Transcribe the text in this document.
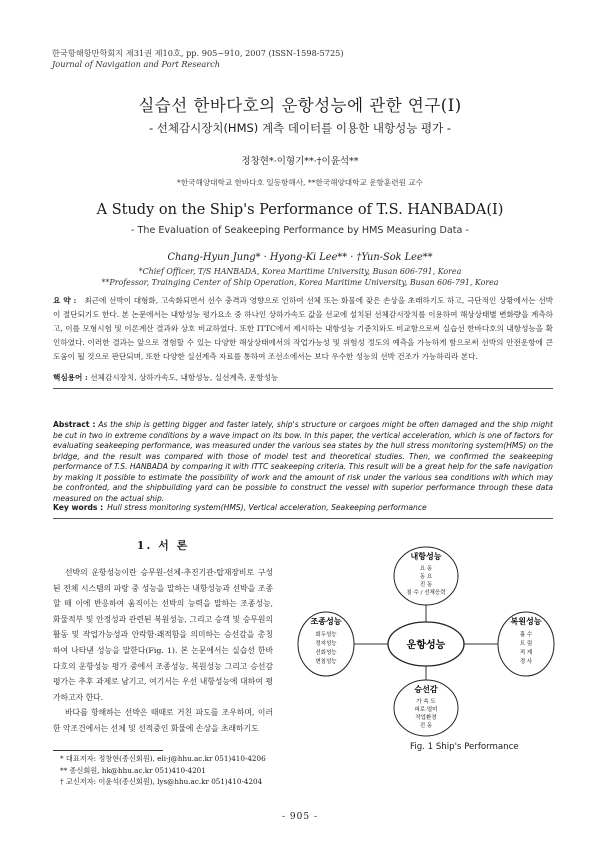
한국항해항만학회지 제31권 제10호, pp. 905~910, 2007 (ISSN-1598-5725)
Journal of Navigation and Port Research
실습선 한바다호의 운항성능에 관한 연구(Ⅰ)
- 선체감시장치(HMS) 계측 데이터를 이용한 내항성능 평가 -
정창현*·이형기**·†이윤석**
*한국해양대학교 한바다호 일등항해사, **한국해양대학교 운항훈련원 교수
A Study on the Ship's Performance of T.S. HANBADA(Ⅰ)
- The Evaluation of Seakeeping Performance by HMS Measuring Data -
Chang-Hyun Jung* · Hyong-Ki Lee** · †Yun-Sok Lee**
*Chief Officer, T/S HANBADA, Korea Maritime University, Busan 606-791, Korea
**Professor, Trainging Center of Ship Operation, Korea Maritime University, Busan 606-791, Korea
요 약 : 최근에 선박이 대형화, 고속화되면서 선수 충격과 영향으로 인하여 선체 또는 화물에 잦은 손상을 초래하기도 하고, 극단적인 상황에서는 선박이 절단되기도 한다. 본 논문에서는 내항성능 평가요소 중 하나인 상하가속도 값을 선교에 설치된 선체감시장치를 이용하여 해상상태별 변화량을 계측하고, 이를 모형시험 및 이론계산 결과와 상호 비교하였다. 또한 ITTC에서 제시하는 내항성능 기준치와도 비교함으로써 실습선 한바다호의 내항성능을 확인하였다. 이러한 결과는 앞으로 경험할 수 있는 다양한 해상상태에서의 작업가능성 및 위험성 정도의 예측을 가능하게 함으로써 선박의 안전운항에 큰 도움이 될 것으로 판단되며, 또한 다양한 실선계측 자료를 통하여 조선소에서는 보다 우수한 성능의 선박 건조가 가능하리라 본다.
핵심용어 : 선체감시장치, 상하가속도, 내항성능, 실선계측, 운항성능
Abstract : As the ship is getting bigger and faster lately, ship's structure or cargoes might be often damaged and the ship might be cut in two in extreme conditions by a wave impact on its bow. In this paper, the vertical acceleration, which is one of factors for evaluating seakeeping performance, was measured under the various sea states by the hull stress monitoring system(HMS) on the bridge, and the result was compared with those of model test and theoretical studies. Then, we confirmed the seakeeping performance of T.S. HANBADA by comparing it with ITTC seakeeping criteria. This result will be a great help for the safe navigation by making it possible to estimate the possibility of work and the amount of risk under the various sea conditions with which may be confronted, and the shipbuilding yard can be possible to construct the vessel with superior performance through these data measured on the actual ship.
Key words : Hull stress monitoring system(HMS), Vertical acceleration, Seakeeping performance
1. 서 론

선박의 운항성능이란 승무원-선체-추진기관-탑재장비로 구성된 전체 시스템의 파랑 중 성능을 말하는 내항성능과 선박을 조종할 때 이에 반응하여 움직이는 선박의 능력을 말하는 조종성능, 화물적부 및 안정성과 관련된 복원성능, 그리고 승객 및 승무원의 활동 및 작업가능성과 안락함·쾌적함을 의미하는 승선감을 총칭하여 나타낸 성능을 말한다(Fig. 1). 본 논문에서는 실습선 한바다호의 운항성능 평가 중에서 조종성능, 복원성능 그리고 승선감 평가는 추후 과제로 남기고, 여기서는 우선 내항성능에 대하여 평가하고자 한다.

바다를 항해하는 선박은 때때로 거친 파도를 조우하며, 이러한 악조건에서는 선체 및 선적중인 화물에 손상을 초래하기도

운항성능
내항성능
요 동
동 요
진 동
침 수 / 선체응력
조종성능
회두성능
정지성능
선회성능
변침성능
복원성능
흘 수
트 림
적 재
경 사
승선감
가 속 도
피로·멀미
작업환경
진 동
Fig. 1 Ship's Performance
* 대표저자: 정창현(종신회원), eli-j@hhu.ac.kr 051)410-4206
** 종신회원, hk@hhu.ac.kr 051)410-4201
† 교신저자: 이윤석(종신회원), lys@hhu.ac.kr 051)410-4204
- 905 -
